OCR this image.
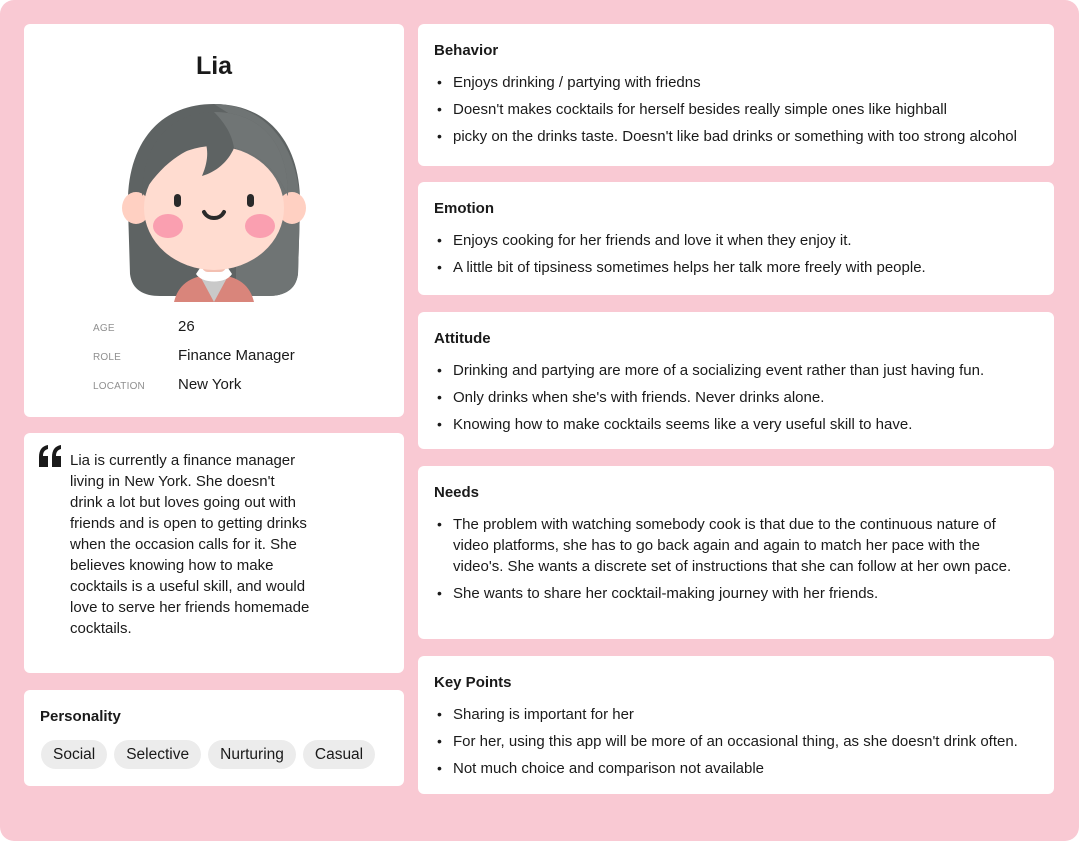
Lia
AGE	26
ROLE	Finance Manager
LOCATION New York
Lia is currently a finance manager living in New York. She doesn't drink a lot but loves going out with friends and is open to getting drinks when the occasion calls for it. She believes knowing how to make cocktails is a useful skill, and would love to serve her friends homemade cocktails.
Personality
Social	Selective	Nurturing	Casual
Behavior
• Enjoys drinking / partying with friedns
• Doesn't makes cocktails for herself besides really simple ones like highball
• picky on the drinks taste. Doesn't like bad drinks or something with too strong alcohol
Emotion
• Enjoys cooking for her friends and love it when they enjoy it.
• A little bit of tipsiness sometimes helps her talk more freely with people.
Attitude
• Drinking and partying are more of a socializing event rather than just having fun.
• Only drinks when she's with friends. Never drinks alone.
• Knowing how to make cocktails seems like a very useful skill to have.
Needs
• The problem with watching somebody cook is that due to the continuous nature of video platforms, she has to go back again and again to match her pace with the video's. She wants a discrete set of instructions that she can follow at her own pace.
• She wants to share her cocktail-making journey with her friends.
Key Points
• Sharing is important for her
• For her, using this app will be more of an occasional thing, as she doesn't drink often.
• Not much choice and comparison not available
